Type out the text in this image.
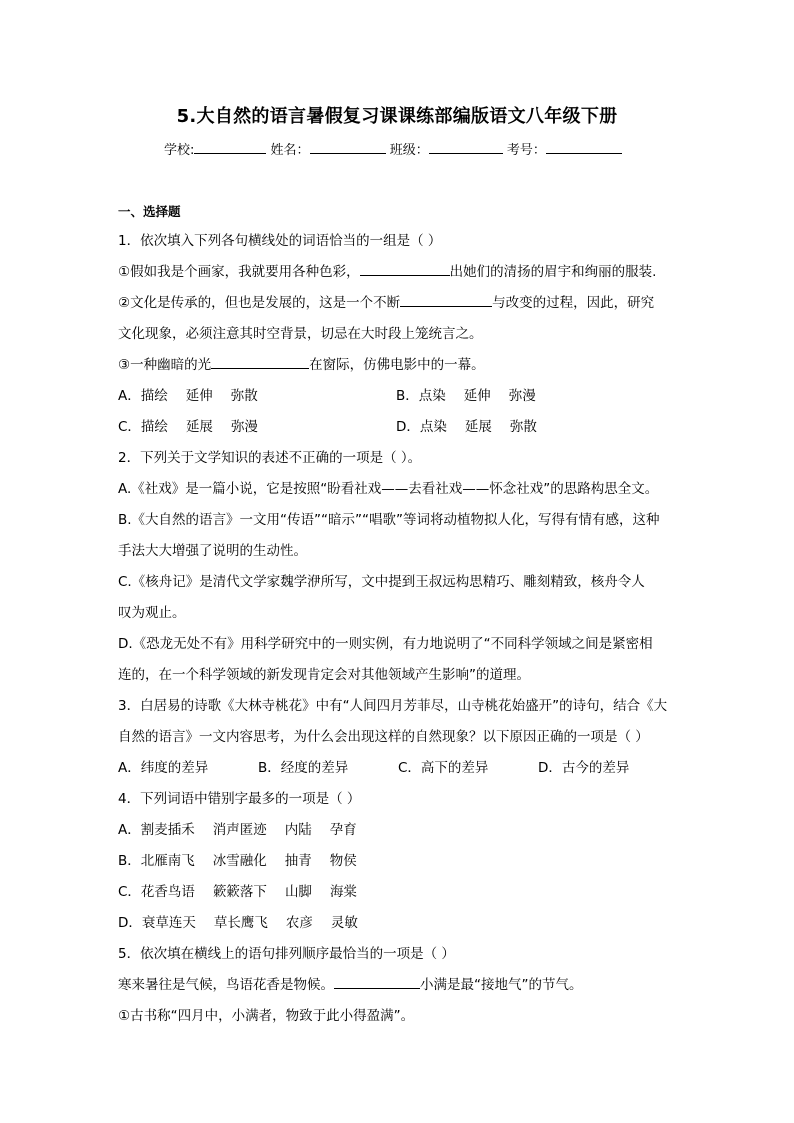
5.大自然的语言暑假复习课课练部编版语文八年级下册
学校:	姓名：	班级：	考号：
一、选择题
1．依次填入下列各句横线处的词语恰当的一组是（ ）
①假如我是个画家，我就要用各种色彩，	出她们的清扬的眉宇和绚丽的服装.
②文化是传承的，但也是发展的，这是一个不断	与改变的过程，因此，研究
文化现象，必须注意其时空背景，切忌在大时段上笼统言之。
③一种幽暗的光	在窗际，仿佛电影中的一幕。
A．描绘 延伸 弥散	B．点染 延伸 弥漫
C．描绘 延展 弥漫	D．点染 延展 弥散
2．下列关于文学知识的表述不正确的一项是（ ）。
A.《社戏》是一篇小说，它是按照“盼看社戏——去看社戏——怀念社戏”的思路构思全文。
B.《大自然的语言》一文用“传语”“暗示”“唱歌”等词将动植物拟人化，写得有情有感，这种
手法大大增强了说明的生动性。
C.《核舟记》是清代文学家魏学洢所写，文中提到王叔远构思精巧、雕刻精致，核舟令人
叹为观止。
D.《恐龙无处不有》用科学研究中的一则实例，有力地说明了“不同科学领域之间是紧密相
连的，在一个科学领域的新发现肯定会对其他领域产生影响”的道理。
3．白居易的诗歌《大林寺桃花》中有“人间四月芳菲尽，山寺桃花始盛开”的诗句，结合《大
自然的语言》一文内容思考，为什么会出现这样的自然现象？以下原因正确的一项是（ ）
A．纬度的差异	B．经度的差异	C．高下的差异	D．古今的差异
4．下列词语中错别字最多的一项是（ ）
A．割麦插禾 消声匿迹 内陆 孕育
B．北雁南飞 冰雪融化 抽青 物侯
C．花香鸟语 簌簌落下 山脚 海棠
D．衰草连天 草长鹰飞 农彦 灵敏
5．依次填在横线上的语句排列顺序最恰当的一项是（ ）
寒来暑往是气候，鸟语花香是物候。	小满是最“接地气”的节气。
①古书称“四月中，小满者，物致于此小得盈满”。
